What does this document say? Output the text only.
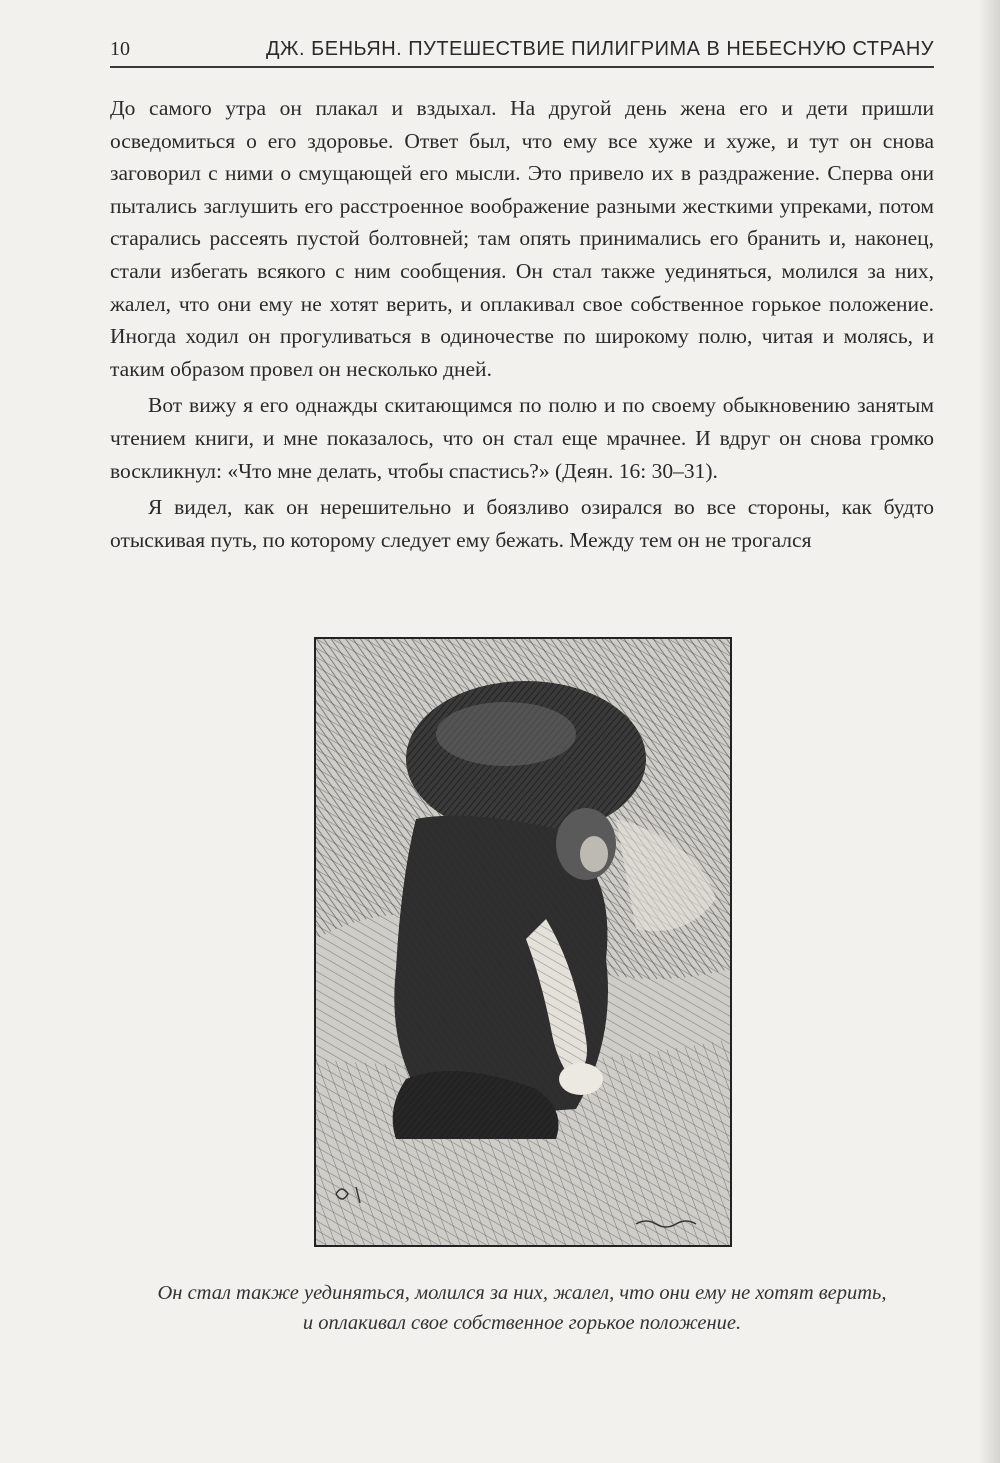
10	ДЖ. БЕНЬЯН. ПУТЕШЕСТВИЕ ПИЛИГРИМА В НЕБЕСНУЮ СТРАНУ

До самого утра он плакал и вздыхал. На другой день жена его и дети пришли осведомиться о его здоровье. Ответ был, что ему все хуже и хуже, и тут он снова заговорил с ними о смущающей его мысли. Это привело их в раздражение. Сперва они пытались заглушить его расстроенное воображение разными жесткими упреками, потом старались рассеять пустой болтовней; там опять принимались его бранить и, наконец, стали избегать всякого с ним сообщения. Он стал также уединяться, молился за них, жалел, что они ему не хотят верить, и оплакивал свое собственное горькое положение. Иногда ходил он прогуливаться в одиночестве по широкому полю, читая и молясь, и таким образом провел он несколько дней.

Вот вижу я его однажды скитающимся по полю и по своему обыкновению занятым чтением книги, и мне показалось, что он стал еще мрачнее. И вдруг он снова громко воскликнул: «Что мне делать, чтобы спастись?» (Деян. 16: 30–31).

Я видел, как он нерешительно и боязливо озирался во все стороны, как будто отыскивая путь, по которому следует ему бежать. Между тем он не трогался

Он стал также уединяться, молился за них, жалел, что они ему не хотят верить,
и оплакивал свое собственное горькое положение.
